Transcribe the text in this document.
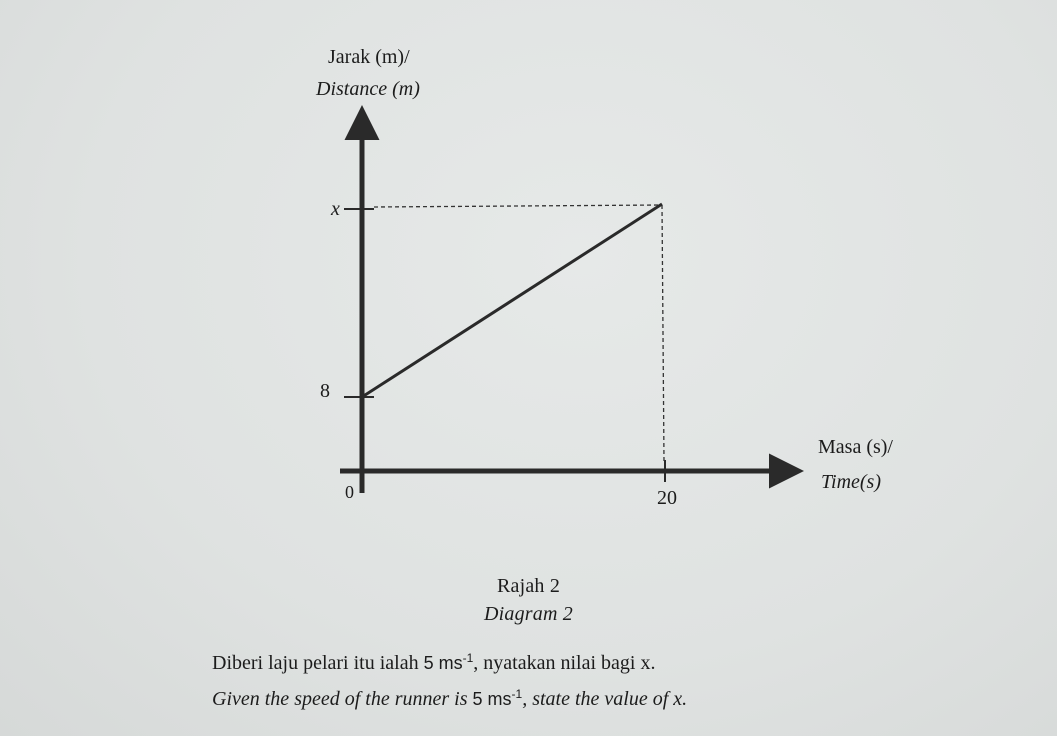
Jarak (m)/
Distance (m)
Masa (s)/
Time(s)
8
x
0	20
Rajah 2
Diagram 2
Diberi laju pelari itu ialah 5 $ms^{-1}$, nyatakan nilai bagi x.
Given the speed of the runner is 5 $ms^{-1}$, state the value of x.
